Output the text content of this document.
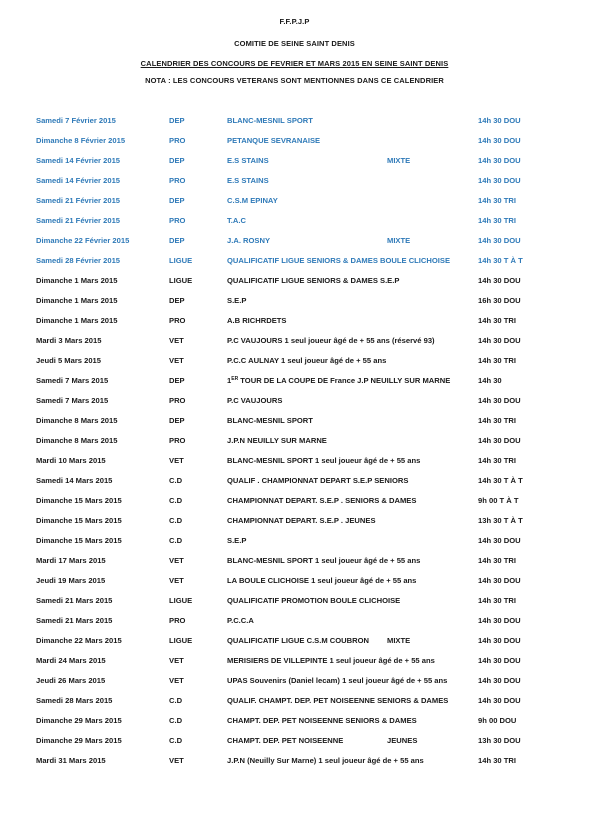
F.F.P.J.P
COMITIE DE SEINE SAINT DENIS
CALENDRIER DES CONCOURS DE FEVRIER ET MARS 2015 EN SEINE SAINT DENIS
NOTA : LES CONCOURS VETERANS SONT MENTIONNES DANS CE CALENDRIER
Samedi 7 Février 2015	DEP	BLANC-MESNIL SPORT	14h 30 DOU
Dimanche 8 Février 2015	PRO	PETANQUE SEVRANAISE	14h 30 DOU
Samedi 14 Février 2015	DEP	E.S STAINS	MIXTE	14h 30 DOU
Samedi 14 Février 2015	PRO	E.S STAINS	14h 30 DOU
Samedi 21 Février 2015	DEP	C.S.M EPINAY	14h 30 TRI
Samedi 21 Février 2015	PRO	T.A.C	14h 30 TRI
Dimanche 22 Février 2015	DEP	J.A. ROSNY	MIXTE	14h 30 DOU
Samedi 28 Février 2015	LIGUE	QUALIFICATIF LIGUE SENIORS & DAMES BOULE CLICHOISE	14h 30 T À T
Dimanche 1 Mars 2015	LIGUE	QUALIFICATIF LIGUE SENIORS & DAMES S.E.P	14h 30 DOU
Dimanche 1 Mars 2015	DEP	S.E.P	16h 30 DOU
Dimanche 1 Mars 2015	PRO	A.B RICHRDETS	14h 30 TRI
Mardi 3 Mars 2015	VET	P.C VAUJOURS 1 seul joueur âgé de + 55 ans (réservé 93)	14h 30 DOU
Jeudi 5 Mars 2015	VET	P.C.C AULNAY 1 seul joueur âgé de + 55 ans	14h 30 TRI
Samedi 7 Mars 2015	DEP	1ER TOUR DE LA COUPE DE France J.P NEUILLY SUR MARNE	14h 30
Samedi 7 Mars 2015	PRO	P.C VAUJOURS	14h 30 DOU
Dimanche 8 Mars 2015	DEP	BLANC-MESNIL SPORT	14h 30 TRI
Dimanche 8 Mars 2015	PRO	J.P.N NEUILLY SUR MARNE	14h 30 DOU
Mardi 10 Mars 2015	VET	BLANC-MESNIL SPORT 1 seul joueur âgé de + 55 ans	14h 30 TRI
Samedi 14 Mars 2015	C.D	QUALIF . CHAMPIONNAT DEPART S.E.P SENIORS	14h 30 T À T
Dimanche 15 Mars 2015	C.D	CHAMPIONNAT DEPART. S.E.P . SENIORS & DAMES	9h 00 T À T
Dimanche 15 Mars 2015	C.D	CHAMPIONNAT DEPART. S.E.P . JEUNES	13h 30 T À T
Dimanche 15 Mars 2015	C.D	S.E.P	14h 30 DOU
Mardi 17 Mars 2015	VET	BLANC-MESNIL SPORT 1 seul joueur âgé de + 55 ans	14h 30 TRI
Jeudi 19 Mars 2015	VET	LA BOULE CLICHOISE 1 seul joueur âgé de + 55 ans	14h 30 DOU
Samedi 21 Mars 2015	LIGUE	QUALIFICATIF PROMOTION BOULE CLICHOISE	14h 30 TRI
Samedi 21 Mars 2015	PRO	P.C.C.A	14h 30 DOU
Dimanche 22 Mars 2015	LIGUE	QUALIFICATIF LIGUE C.S.M COUBRON MIXTE	14h 30 DOU
Mardi 24 Mars 2015	VET	MERISIERS DE VILLEPINTE 1 seul joueur âgé de + 55 ans	14h 30 DOU
Jeudi 26 Mars 2015	VET	UPAS Souvenirs (Daniel lecam) 1 seul joueur âgé de + 55 ans	14h 30 DOU
Samedi 28 Mars 2015	C.D	QUALIF. CHAMPT. DEP. PET NOISEENNE SENIORS & DAMES	14h 30 DOU
Dimanche 29 Mars 2015	C.D	CHAMPT. DEP. PET NOISEENNE SENIORS & DAMES	9h 00 DOU
Dimanche 29 Mars 2015	C.D	CHAMPT. DEP. PET NOISEENNE	JEUNES	13h 30 DOU
Mardi 31 Mars 2015	VET	J.P.N (Neuilly Sur Marne) 1 seul joueur âgé de + 55 ans	14h 30 TRI
